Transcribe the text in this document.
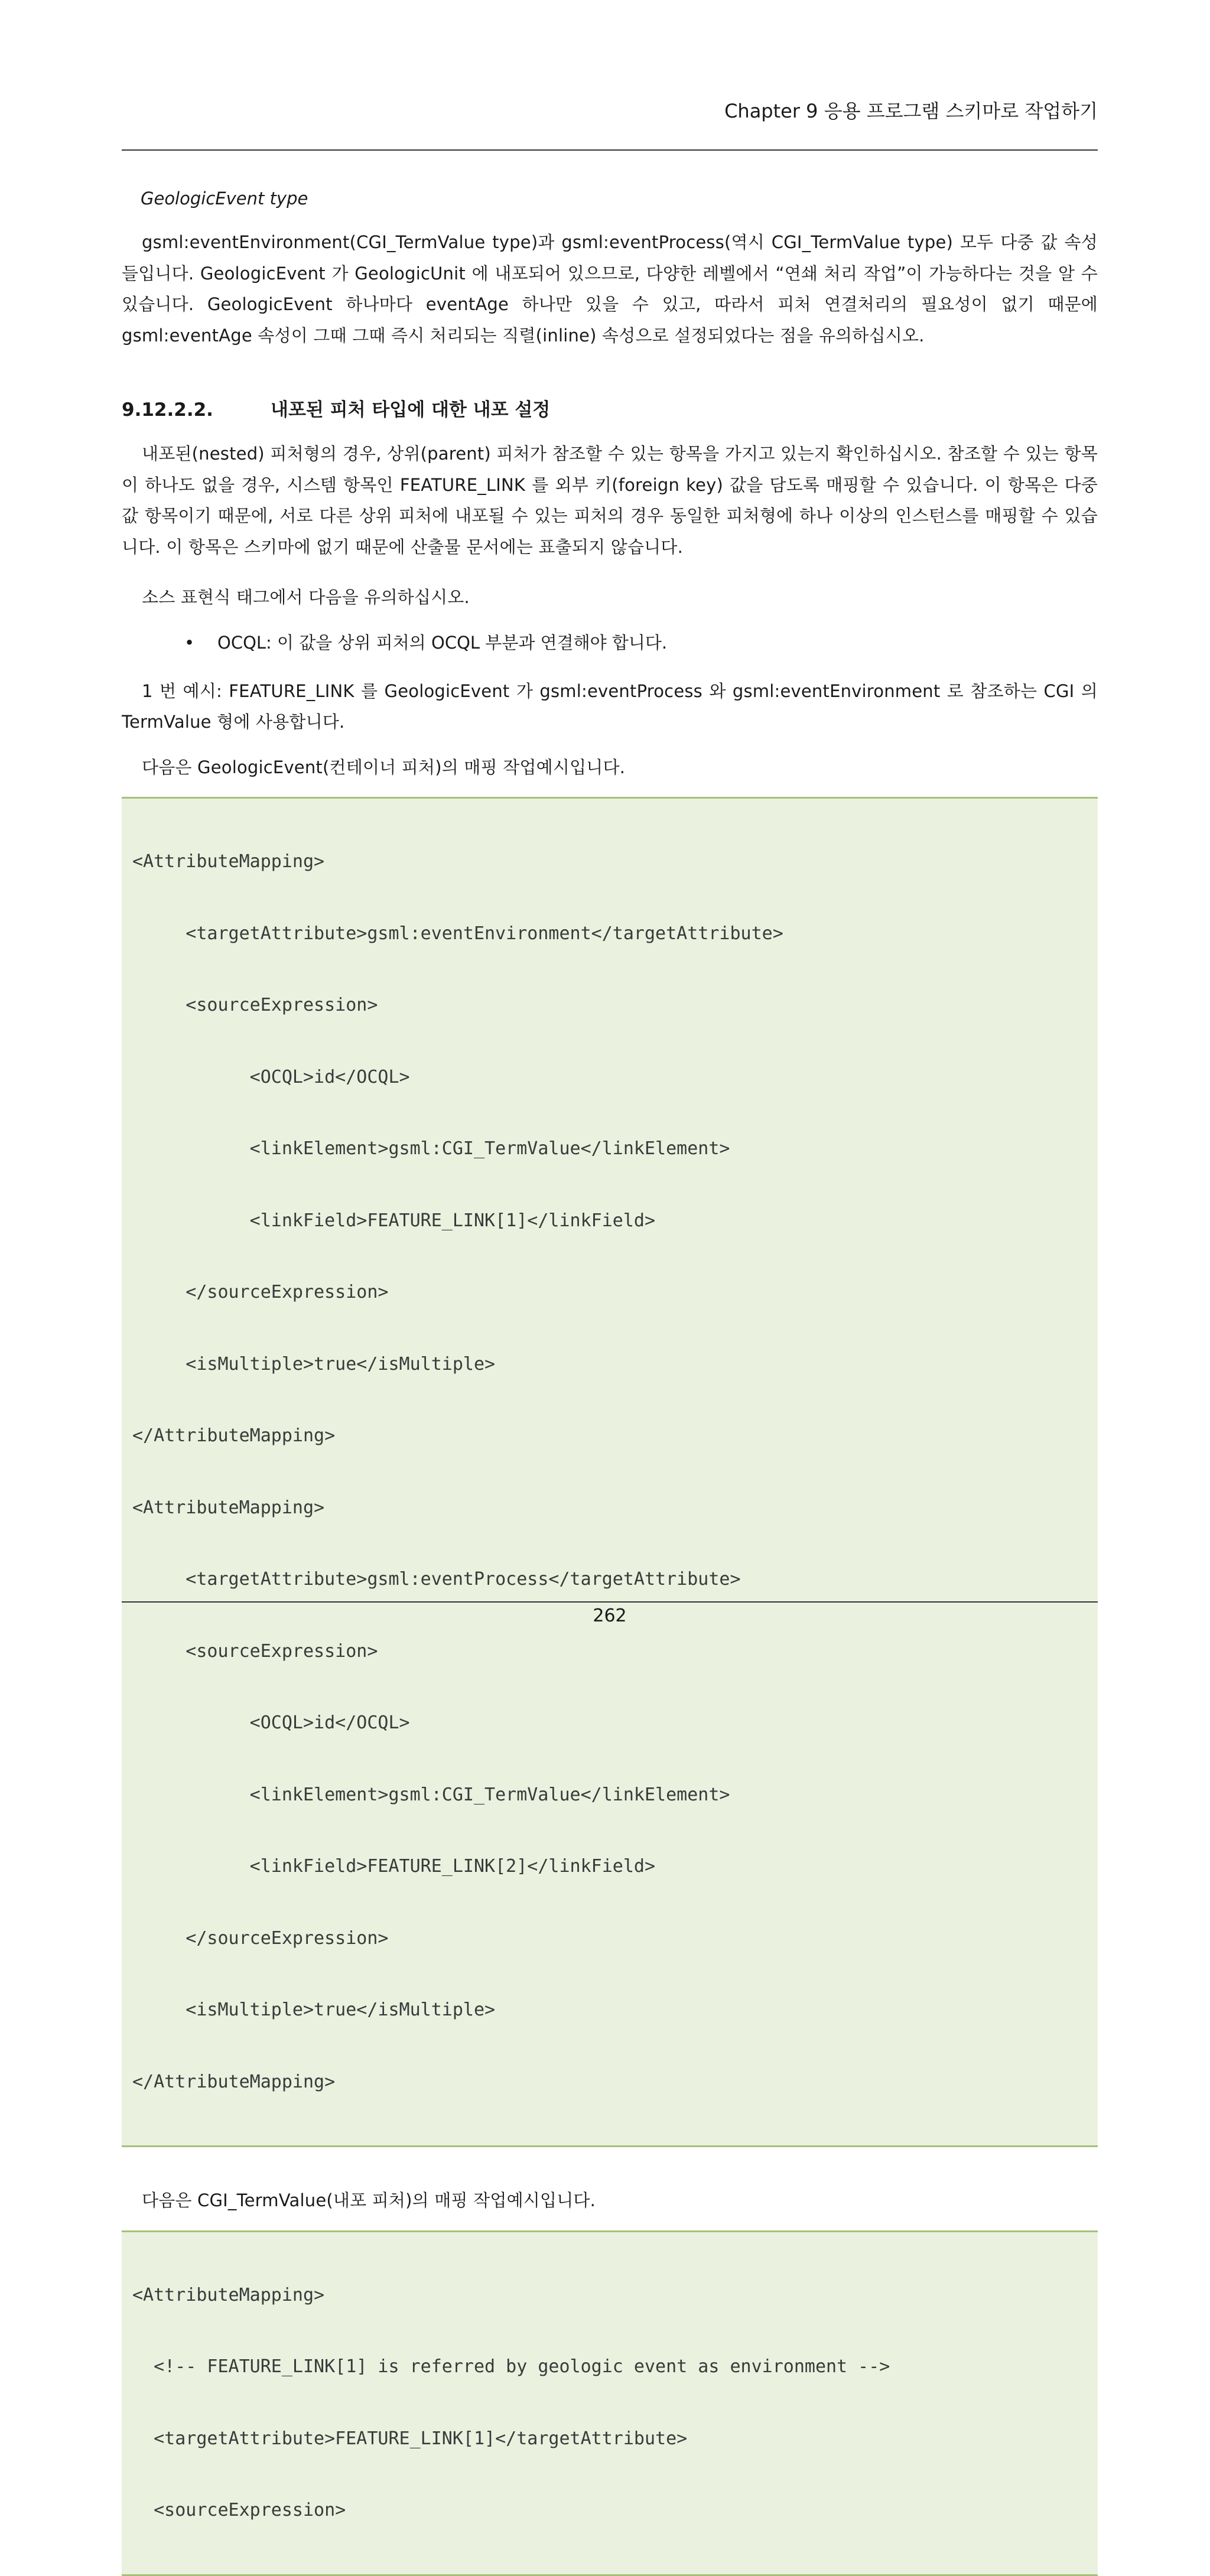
Chapter 9 응용 프로그램 스키마로 작업하기
GeologicEvent type

gsml:eventEnvironment(CGI_TermValue type)과 gsml:eventProcess(역시 CGI_TermValue type) 모두 다중 값 속성들입니다. GeologicEvent 가 GeologicUnit 에 내포되어 있으므로, 다양한 레벨에서 “연쇄 처리 작업”이 가능하다는 것을 알 수 있습니다. GeologicEvent 하나마다 eventAge 하나만 있을 수 있고, 따라서 피처 연결처리의 필요성이 없기 때문에 gsml:eventAge 속성이 그때 그때 즉시 처리되는 직렬(inline) 속성으로 설정되었다는 점을 유의하십시오.

9.12.2.2.	내포된 피처 타입에 대한 내포 설정

내포된(nested) 피처형의 경우, 상위(parent) 피처가 참조할 수 있는 항목을 가지고 있는지 확인하십시오. 참조할 수 있는 항목이 하나도 없을 경우, 시스템 항목인 FEATURE_LINK 를 외부 키(foreign key) 값을 담도록 매핑할 수 있습니다. 이 항목은 다중 값 항목이기 때문에, 서로 다른 상위 피처에 내포될 수 있는 피처의 경우 동일한 피처형에 하나 이상의 인스턴스를 매핑할 수 있습니다. 이 항목은 스키마에 없기 때문에 산출물 문서에는 표출되지 않습니다.

소스 표현식 태그에서 다음을 유의하십시오.

•	OCQL: 이 값을 상위 피처의 OCQL 부분과 연결해야 합니다.

1 번 예시: FEATURE_LINK 를 GeologicEvent 가 gsml:eventProcess 와 gsml:eventEnvironment 로 참조하는 CGI 의 TermValue 형에 사용합니다.

다음은 GeologicEvent(컨테이너 피처)의 매핑 작업예시입니다.

<AttributeMapping>

<targetAttribute>gsml:eventEnvironment</targetAttribute>

<sourceExpression>

<OCQL>id</OCQL>

<linkElement>gsml:CGI_TermValue</linkElement>

<linkField>FEATURE_LINK[1]</linkField>

</sourceExpression>

<isMultiple>true</isMultiple>

</AttributeMapping>

<AttributeMapping>

<targetAttribute>gsml:eventProcess</targetAttribute>

<sourceExpression>

<OCQL>id</OCQL>

<linkElement>gsml:CGI_TermValue</linkElement>

<linkField>FEATURE_LINK[2]</linkField>

</sourceExpression>

<isMultiple>true</isMultiple>

</AttributeMapping>

다음은 CGI_TermValue(내포 피처)의 매핑 작업예시입니다.

<AttributeMapping>

<!-- FEATURE_LINK[1] is referred by geologic event as environment -->

<targetAttribute>FEATURE_LINK[1]</targetAttribute>

<sourceExpression>

262
